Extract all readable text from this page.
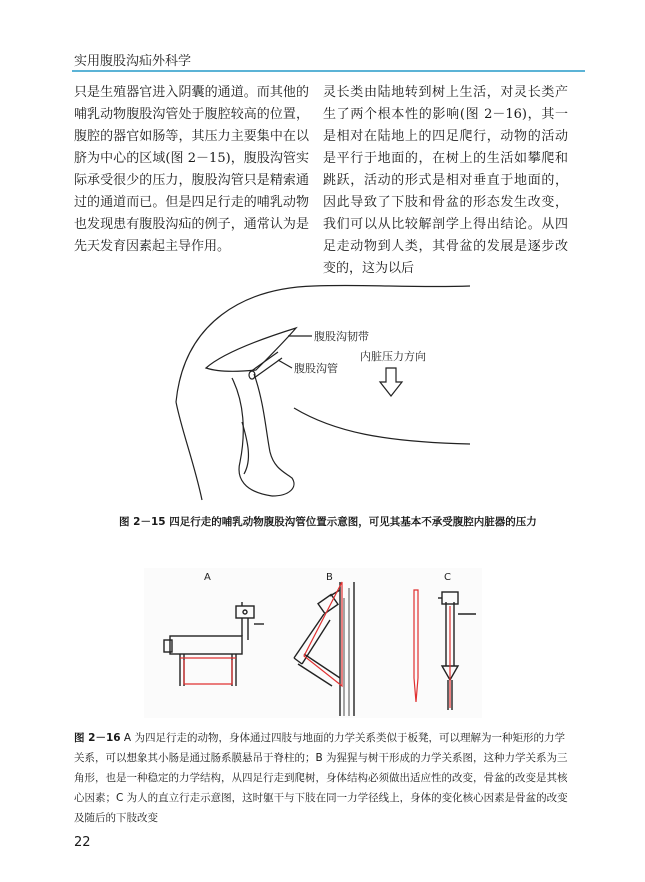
实用腹股沟疝外科学

只是生殖器官进入阴囊的通道。而其他的哺乳动物腹股沟管处于腹腔较高的位置，腹腔的器官如肠等，其压力主要集中在以脐为中心的区域(图 2－15)，腹股沟管实际承受很少的压力，腹股沟管只是精索通过的通道而已。但是四足行走的哺乳动物也发现患有腹股沟疝的例子，通常认为是先天发育因素起主导作用。

灵长类由陆地转到树上生活，对灵长类产生了两个根本性的影响(图 2－16)，其一是相对在陆地上的四足爬行，动物的活动是平行于地面的，在树上的生活如攀爬和跳跃，活动的形式是相对垂直于地面的，因此导致了下肢和骨盆的形态发生改变，我们可以从比较解剖学上得出结论。从四足走动物到人类，其骨盆的发展是逐步改变的，这为以后

腹股沟韧带
腹股沟管
内脏压力方向
图 2－15 四足行走的哺乳动物腹股沟管位置示意图，可见其基本不承受腹腔内脏器的压力
A	B	C
图 2－16 A 为四足行走的动物，身体通过四肢与地面的力学关系类似于板凳，可以理解为一种矩形的力学关系，可以想象其小肠是通过肠系膜悬吊于脊柱的；B 为猩猩与树干形成的力学关系图，这种力学关系为三角形，也是一种稳定的力学结构，从四足行走到爬树，身体结构必须做出适应性的改变，骨盆的改变是其核心因素；C 为人的直立行走示意图，这时躯干与下肢在同一力学径线上，身体的变化核心因素是骨盆的改变及随后的下肢改变
22
